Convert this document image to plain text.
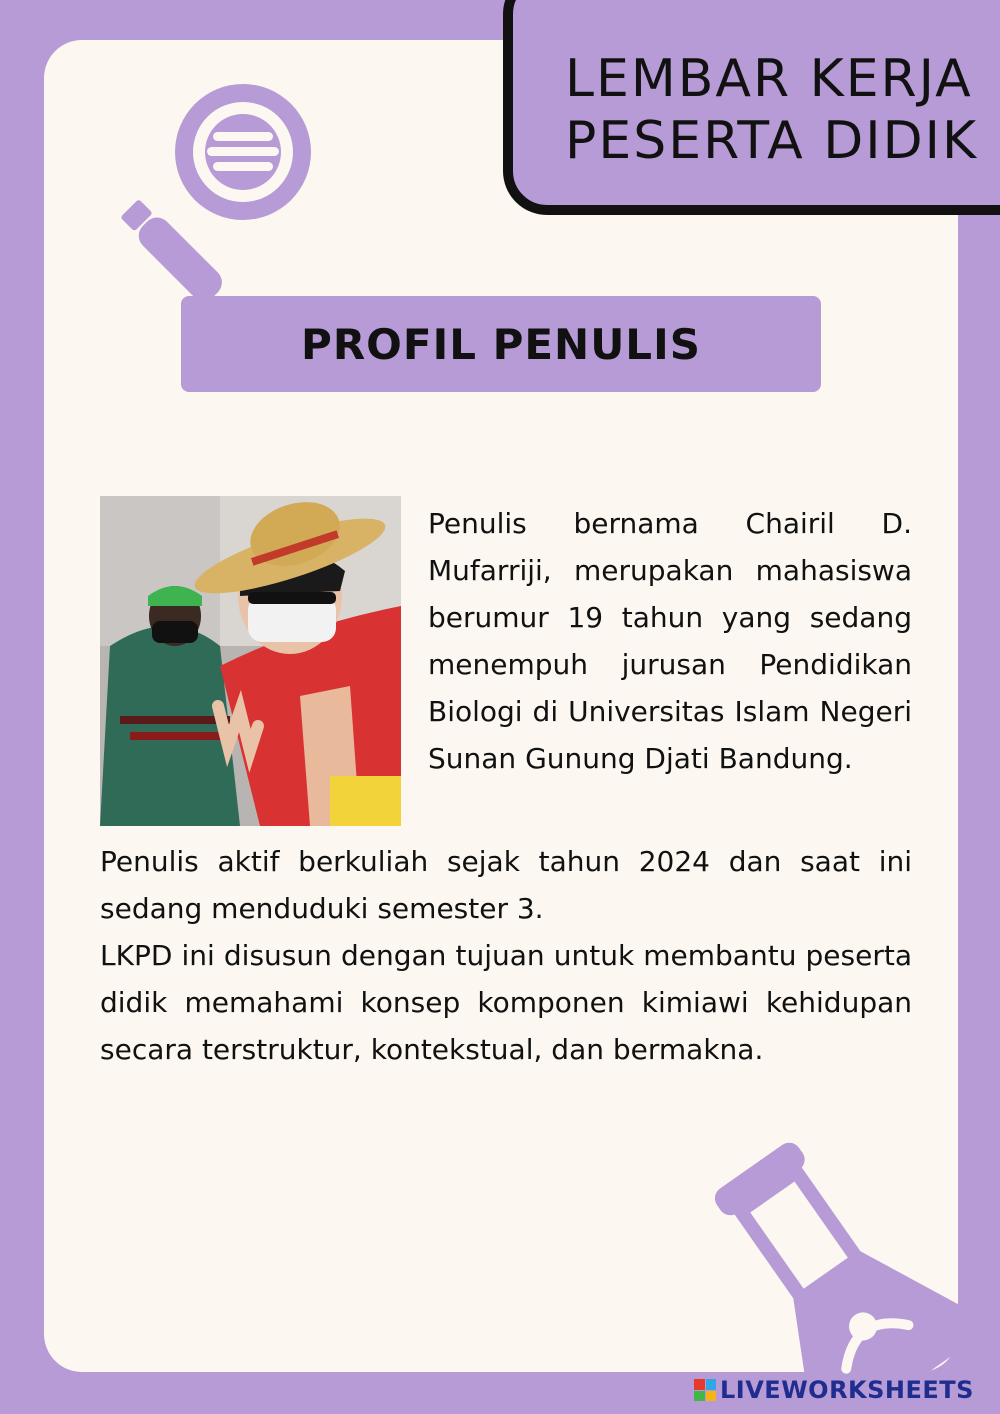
LEMBAR KERJA
PESERTA DIDIK
PROFIL PENULIS

Penulis bernama Chairil D. Mufarriji, merupakan mahasiswa berumur 19 tahun yang sedang menempuh jurusan Pendidikan Biologi di Universitas Islam Negeri Sunan Gunung Djati Bandung.

Penulis aktif berkuliah sejak tahun 2024 dan saat ini sedang menduduki semester 3.

LKPD ini disusun dengan tujuan untuk membantu peserta didik memahami konsep komponen kimiawi kehidupan secara terstruktur, kontekstual, dan bermakna.

LIVEWORKSHEETS
